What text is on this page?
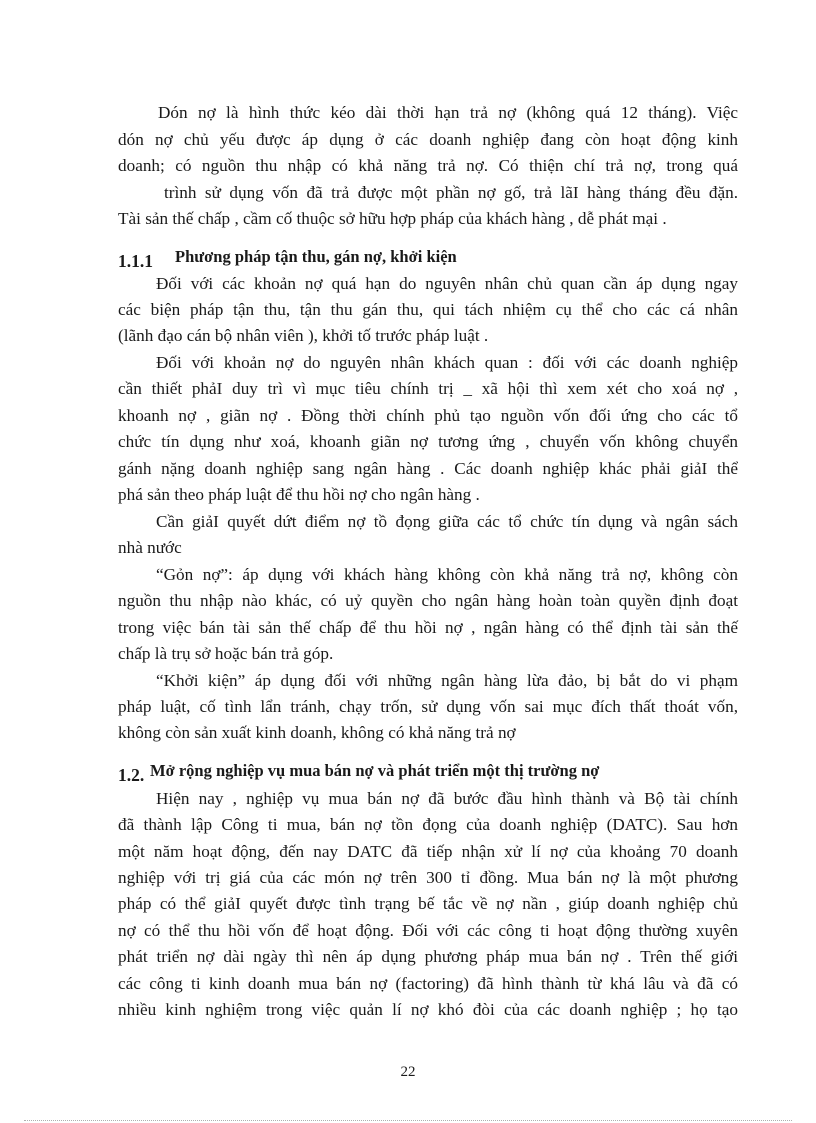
Dón nợ là hình thức kéo dài thời hạn trả nợ (không quá 12 tháng). Việc
dón nợ chủ yếu được áp dụng ở các doanh nghiệp đang còn hoạt động kinh
doanh; có nguồn thu nhập có khả năng trả nợ. Có thiện chí trả nợ, trong quá
trình sử dụng vốn đã trả được một phần nợ gố, trả lãI hàng tháng đều đặn.
Tài sản thế chấp , cầm cố thuộc sở hữu hợp pháp của khách hàng , dễ phát mại .
1.1.1 Phương pháp tận thu, gán nợ, khởi kiện
Đối với các khoản nợ quá hạn do nguyên nhân chủ quan cần áp dụng ngay
các biện pháp tận thu, tận thu gán thu, qui tách nhiệm cụ thể cho các cá nhân
(lãnh đạo cán bộ nhân viên ), khởi tố trước pháp luật .
Đối với khoản nợ do nguyên nhân khách quan : đối với các doanh nghiệp
cần thiết phảI duy trì vì mục tiêu chính trị _ xã hội thì xem xét cho xoá nợ ,
khoanh nợ , giãn nợ . Đồng thời chính phủ tạo nguồn vốn đối ứng cho các tổ
chức tín dụng như xoá, khoanh giãn nợ tương ứng , chuyển vốn không chuyển
gánh nặng doanh nghiệp sang ngân hàng . Các doanh nghiệp khác phải giảI thể
phá sản theo pháp luật để thu hồi nợ cho ngân hàng .
Cần giảI quyết dứt điểm nợ tồ đọng giữa các tổ chức tín dụng và ngân sách
nhà nước
“Gỏn nợ”: áp dụng với khách hàng không còn khả năng trả nợ, không còn
nguồn thu nhập nào khác, có uỷ quyền cho ngân hàng hoàn toàn quyền định đoạt
trong việc bán tài sản thế chấp để thu hồi nợ , ngân hàng có thể định tài sản thế
chấp là trụ sở hoặc bán trả góp.
“Khởi kiện” áp dụng đối với những ngân hàng lừa đảo, bị bắt do vi phạm
pháp luật, cố tình lẩn tránh, chạy trốn, sử dụng vốn sai mục đích thất thoát vốn,
không còn sản xuất kinh doanh, không có khả năng trả nợ
1.2. Mở rộng nghiệp vụ mua bán nợ và phát triển một thị trường nợ
Hiện nay , nghiệp vụ mua bán nợ đã bước đầu hình thành và Bộ tài chính
đã thành lập Công ti mua, bán nợ tồn đọng của doanh nghiệp (DATC). Sau hơn
một năm hoạt động, đến nay DATC đã tiếp nhận xử lí nợ của khoảng 70 doanh
nghiệp với trị giá của các món nợ trên 300 tỉ đồng. Mua bán nợ là một phương
pháp có thể giảI quyết được tình trạng bế tắc về nợ nần , giúp doanh nghiệp chủ
nợ có thể thu hồi vốn để hoạt động. Đối với các công ti hoạt động thường xuyên
phát triển nợ dài ngày thì nên áp dụng phương pháp mua bán nợ . Trên thế giới
các công ti kinh doanh mua bán nợ (factoring) đã hình thành từ khá lâu và đã có
nhiều kinh nghiệm trong việc quản lí nợ khó đòi của các doanh nghiệp ; họ tạo
22
